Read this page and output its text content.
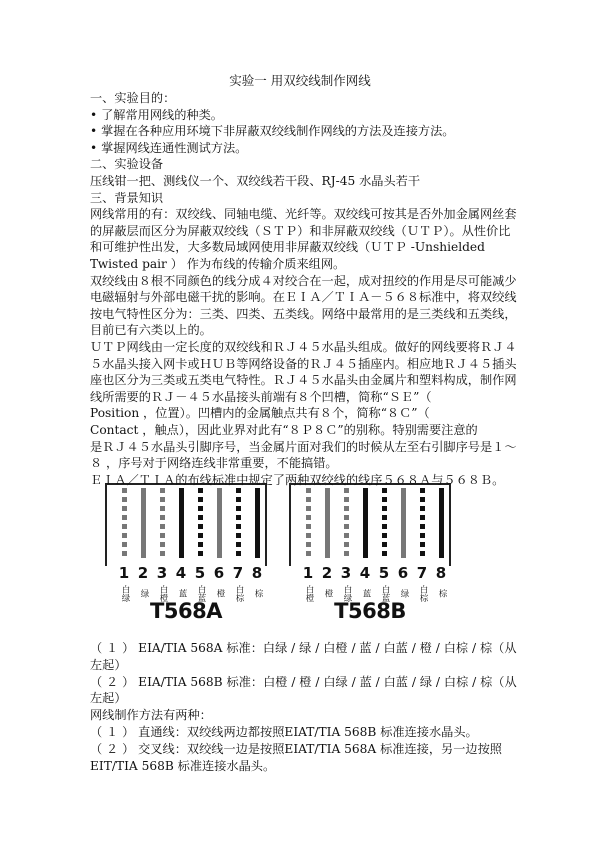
实验一 用双绞线制作网线
1
白绿
2
绿
3
白橙
4
蓝
5
白蓝
6
橙
7
白棕
8
棕
T568A
1
白橙
2
橙
3
白绿
4
蓝
5
白蓝
6
绿
7
白棕
8
棕
T568B
一、实验目的：
• 了解常用网线的种类。
• 掌握在各种应用环境下非屏蔽双绞线制作网线的方法及连接方法。
• 掌握网线连通性测试方法。
二、实验设备
压线钳一把、测线仪一个、双绞线若干段、RJ-45 水晶头若干
三、背景知识
网线常用的有：双绞线、同轴电缆、光纤等。双绞线可按其是否外加金属网丝套
的屏蔽层而区分为屏蔽双绞线（ＳＴＰ）和非屏蔽双绞线（ＵＴＰ）。从性价比
和可维护性出发，大多数局域网使用非屏蔽双绞线（ＵＴＰ -Unshielded
Twisted pair ） 作为布线的传输介质来组网。
双绞线由８根不同颜色的线分成４对绞合在一起，成对扭绞的作用是尽可能减少
电磁辐射与外部电磁干扰的影响。在ＥＩＡ／ＴＩＡ－５６８标准中，将双绞线
按电气特性区分为：三类、四类、五类线。网络中最常用的是三类线和五类线，
目前已有六类以上的。
ＵＴＰ网线由一定长度的双绞线和ＲＪ４５水晶头组成。做好的网线要将ＲＪ４
５水晶头接入网卡或ＨＵＢ等网络设备的ＲＪ４５插座内。相应地ＲＪ４５插头
座也区分为三类或五类电气特性。ＲＪ４５水晶头由金属片和塑料构成，制作网
线所需要的ＲＪ－４５水晶接头前端有８个凹槽，简称“ＳＥ”（
Position ，位置）。凹槽内的金属触点共有８个，简称“８Ｃ”（
Contact ，触点），因此业界对此有“８Ｐ８Ｃ”的别称。特别需要注意的
是ＲＪ４５水晶头引脚序号，当金属片面对我们的时候从左至右引脚序号是１～
８ ，序号对于网络连线非常重要，不能搞错。
ＥＩＡ／ＴＩＡ的布线标准中规定了两种双绞线的线序５６８Ａ与５６８Ｂ。
（ １ ） EIA/TIA 568A 标准：白绿 / 绿 / 白橙 / 蓝 / 白蓝 / 橙 / 白棕 / 棕（从
左起）
（ ２ ） EIA/TIA 568B 标准：白橙 / 橙 / 白绿 / 蓝 / 白蓝 / 绿 / 白棕 / 棕（从
左起）
网线制作方法有两种：
（ １ ） 直通线：双绞线两边都按照EIAT/TIA 568B 标准连接水晶头。
（ ２ ） 交叉线：双绞线一边是按照EIAT/TIA 568A 标准连接，另一边按照
EIT/TIA 568B 标准连接水晶头。
